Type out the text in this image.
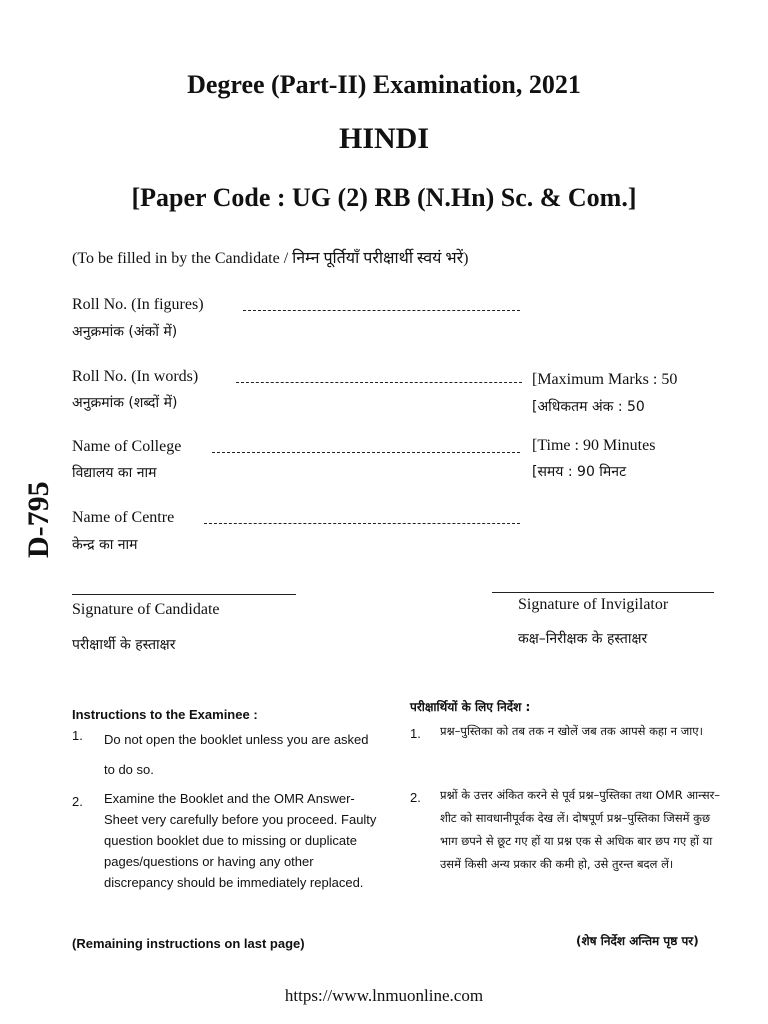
Degree (Part-II) Examination, 2021
HINDI
[Paper Code : UG (2) RB (N.Hn) Sc. & Com.]
D-795
(To be filled in by the Candidate / निम्न पूर्तियाँ परीक्षार्थी स्वयं भरें)
Roll No. (In figures)
अनुक्रमांक (अंकों में)
Roll No. (In words)
अनुक्रमांक (शब्दों में)
Name of College
विद्यालय का नाम
Name of Centre
केन्द्र का नाम
[Maximum Marks : 50
[अधिकतम अंक : 50
[Time : 90 Minutes
[समय : 90 मिनट
Signature of Candidate
परीक्षार्थी के हस्ताक्षर
Signature of Invigilator
कक्ष–निरीक्षक के हस्ताक्षर
Instructions to the Examinee :
1. Do not open the booklet unless you are asked to do so.
2. Examine the Booklet and the OMR Answer-Sheet very carefully before you proceed. Faulty question booklet due to missing or duplicate pages/questions or having any other discrepancy should be immediately replaced.
(Remaining instructions on last page)
परीक्षार्थियों के लिए निर्देश :
1. प्रश्न–पुस्तिका को तब तक न खोलें जब तक आपसे कहा न जाए।
2. प्रश्नों के उत्तर अंकित करने से पूर्व प्रश्न–पुस्तिका तथा OMR आन्सर–शीट को सावधानीपूर्वक देख लें। दोषपूर्ण प्रश्न–पुस्तिका जिसमें कुछ भाग छपने से छूट गए हों या प्रश्न एक से अधिक बार छप गए हों या उसमें किसी अन्य प्रकार की कमी हो, उसे तुरन्त बदल लें।
(शेष निर्देश अन्तिम पृष्ठ पर)
https://www.lnmuonline.com
